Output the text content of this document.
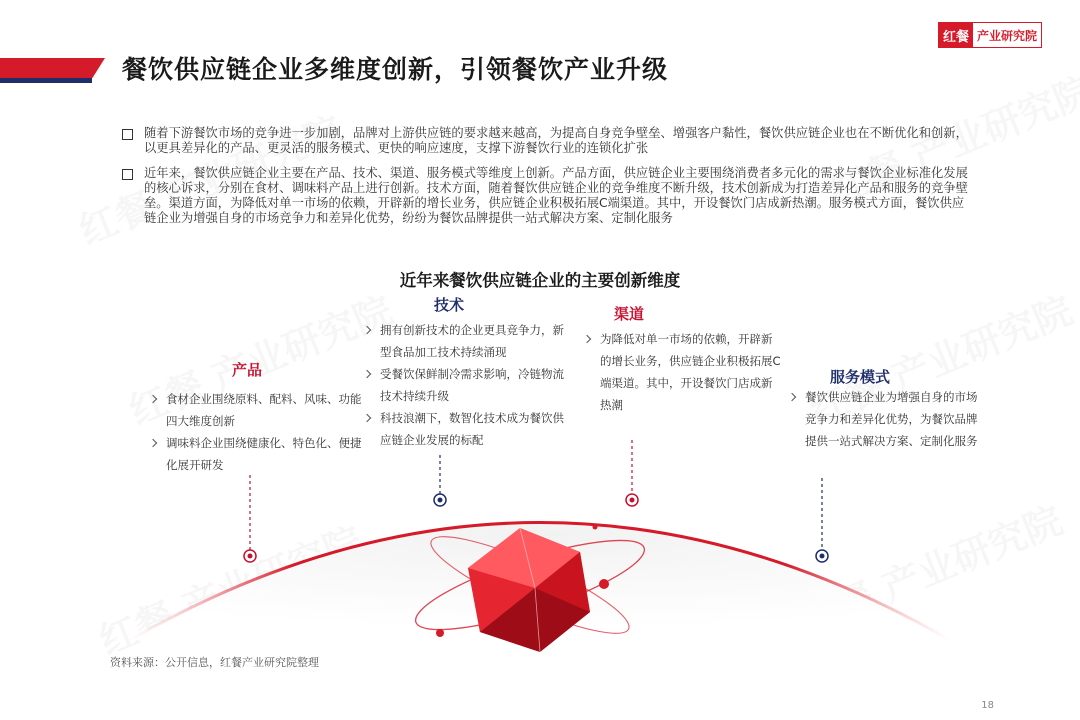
餐饮供应链企业多维度创新，引领餐饮产业升级
红餐 产业研究院

随着下游餐饮市场的竞争进一步加剧，品牌对上游供应链的要求越来越高，为提高自身竞争壁垒、增强客户黏性，餐饮供应链企业也在不断优化和创新，以更具差异化的产品、更灵活的服务模式、更快的响应速度，支撑下游餐饮行业的连锁化扩张

近年来，餐饮供应链企业主要在产品、技术、渠道、服务模式等维度上创新。产品方面，供应链企业主要围绕消费者多元化的需求与餐饮企业标准化发展的核心诉求，分别在食材、调味料产品上进行创新。技术方面，随着餐饮供应链企业的竞争维度不断升级，技术创新成为打造差异化产品和服务的竞争壁垒。渠道方面，为降低对单一市场的依赖，开辟新的增长业务，供应链企业积极拓展C端渠道。其中，开设餐饮门店成新热潮。服务模式方面，餐饮供应链企业为增强自身的市场竞争力和差异化优势，纷纷为餐饮品牌提供一站式解决方案、定制化服务

近年来餐饮供应链企业的主要创新维度
产品
食材企业围绕原料、配料、风味、功能四大维度创新
调味料企业围绕健康化、特色化、便捷化展开研发
技术
拥有创新技术的企业更具竞争力，新型食品加工技术持续涌现
受餐饮保鲜制冷需求影响，冷链物流技术持续升级
科技浪潮下，数智化技术成为餐饮供应链企业发展的标配
渠道
为降低对单一市场的依赖，开辟新的增长业务，供应链企业积极拓展C端渠道。其中，开设餐饮门店成新热潮
服务模式
餐饮供应链企业为增强自身的市场竞争力和差异化优势，为餐饮品牌提供一站式解决方案、定制化服务
资料来源：公开信息，红餐产业研究院整理
18
